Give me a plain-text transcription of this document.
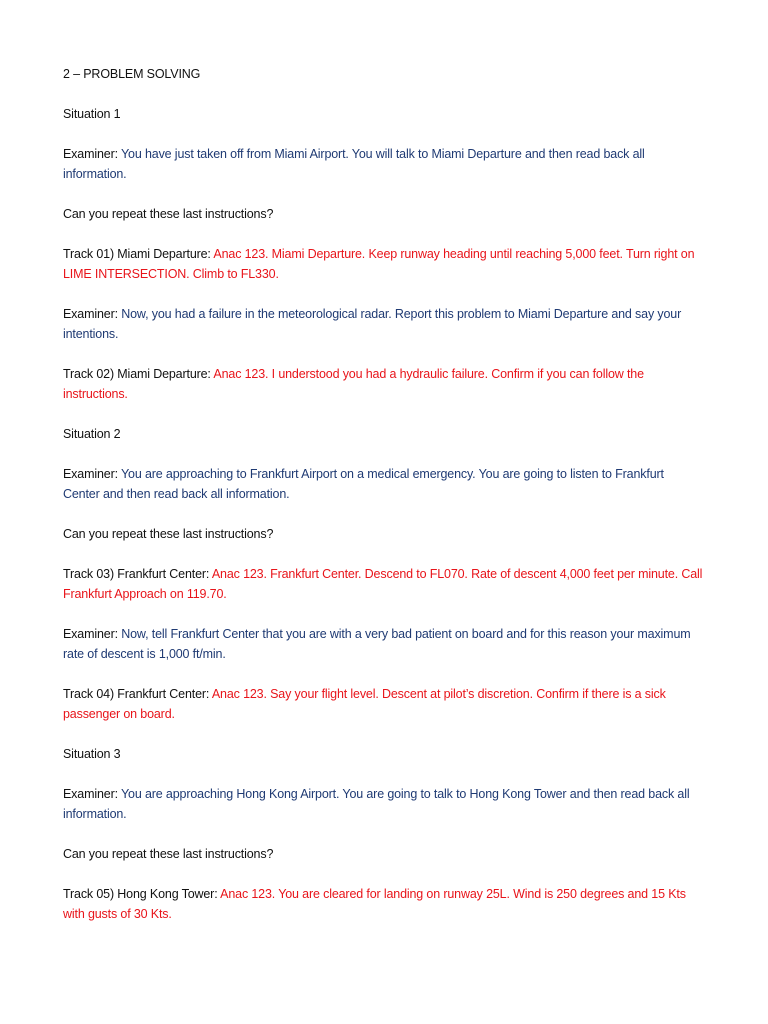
2 – PROBLEM SOLVING

Situation 1

Examiner: You have just taken off from Miami Airport. You will talk to Miami Departure and then read back all information.

Can you repeat these last instructions?

Track 01) Miami Departure: Anac 123. Miami Departure. Keep runway heading until reaching 5,000 feet. Turn right on LIME INTERSECTION. Climb to FL330.

Examiner: Now, you had a failure in the meteorological radar. Report this problem to Miami Departure and say your intentions.

Track 02) Miami Departure: Anac 123. I understood you had a hydraulic failure. Confirm if you can follow the instructions.

Situation 2

Examiner: You are approaching to Frankfurt Airport on a medical emergency. You are going to listen to Frankfurt Center and then read back all information.

Can you repeat these last instructions?

Track 03) Frankfurt Center: Anac 123. Frankfurt Center. Descend to FL070. Rate of descent 4,000 feet per minute. Call Frankfurt Approach on 119.70.

Examiner: Now, tell Frankfurt Center that you are with a very bad patient on board and for this reason your maximum rate of descent is 1,000 ft/min.

Track 04) Frankfurt Center: Anac 123. Say your flight level. Descent at pilot’s discretion. Confirm if there is a sick passenger on board.

Situation 3

Examiner: You are approaching Hong Kong Airport. You are going to talk to Hong Kong Tower and then read back all information.

Can you repeat these last instructions?

Track 05) Hong Kong Tower: Anac 123. You are cleared for landing on runway 25L. Wind is 250 degrees and 15 Kts with gusts of 30 Kts.
